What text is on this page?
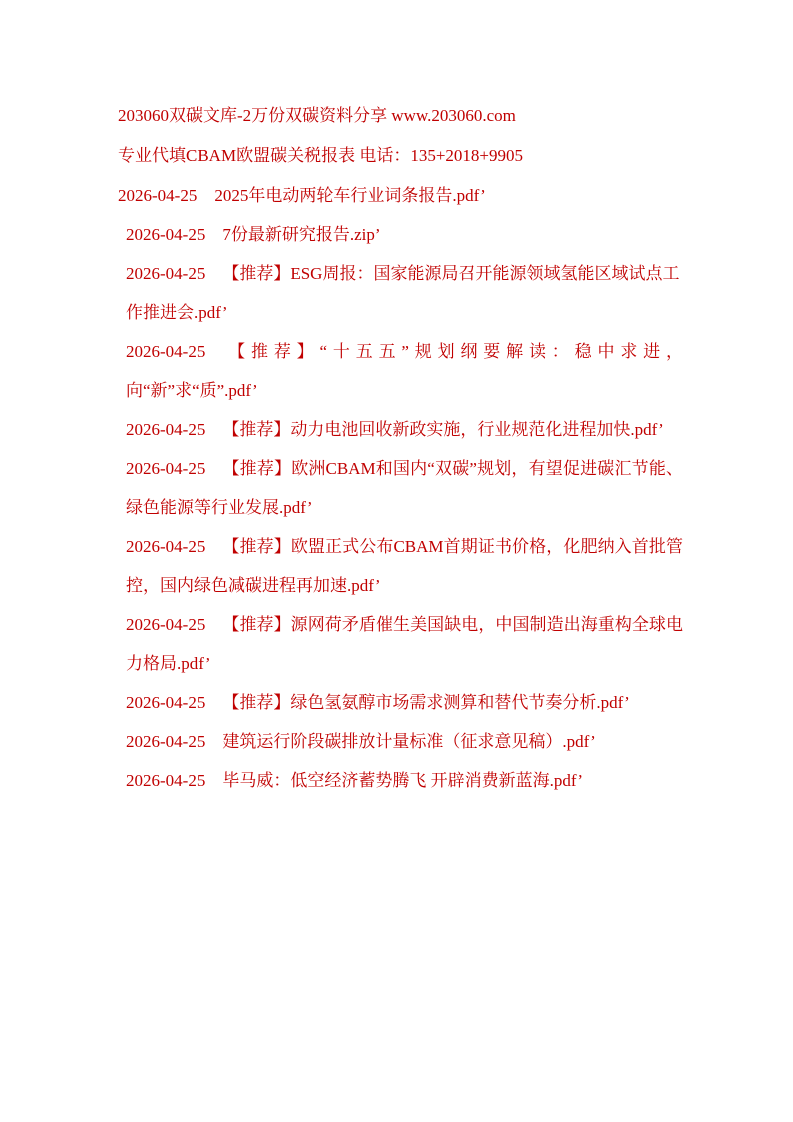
203060双碳文库-2万份双碳资料分享 www.203060.com

专业代填CBAM欧盟碳关税报表 电话：135+2018+9905

2026-04-25  2025年电动两轮车行业词条报告.pdf’

2026-04-25  7份最新研究报告.zip’

2026-04-25  【推荐】ESG周报：国家能源局召开能源领域氢能区域试点工作推进会.pdf’

2026-04-25  【推荐】“十五五”规划纲要解读：稳中求进，向“新”求“质”.pdf’

2026-04-25  【推荐】动力电池回收新政实施，行业规范化进程加快.pdf’

2026-04-25  【推荐】欧洲CBAM和国内“双碳”规划，有望促进碳汇节能、绿色能源等行业发展.pdf’

2026-04-25  【推荐】欧盟正式公布CBAM首期证书价格，化肥纳入首批管控，国内绿色减碳进程再加速.pdf’

2026-04-25  【推荐】源网荷矛盾催生美国缺电，中国制造出海重构全球电力格局.pdf’

2026-04-25  【推荐】绿色氢氨醇市场需求测算和替代节奏分析.pdf’

2026-04-25  建筑运行阶段碳排放计量标准（征求意见稿）.pdf’

2026-04-25  毕马威：低空经济蓄势腾飞 开辟消费新蓝海.pdf’
